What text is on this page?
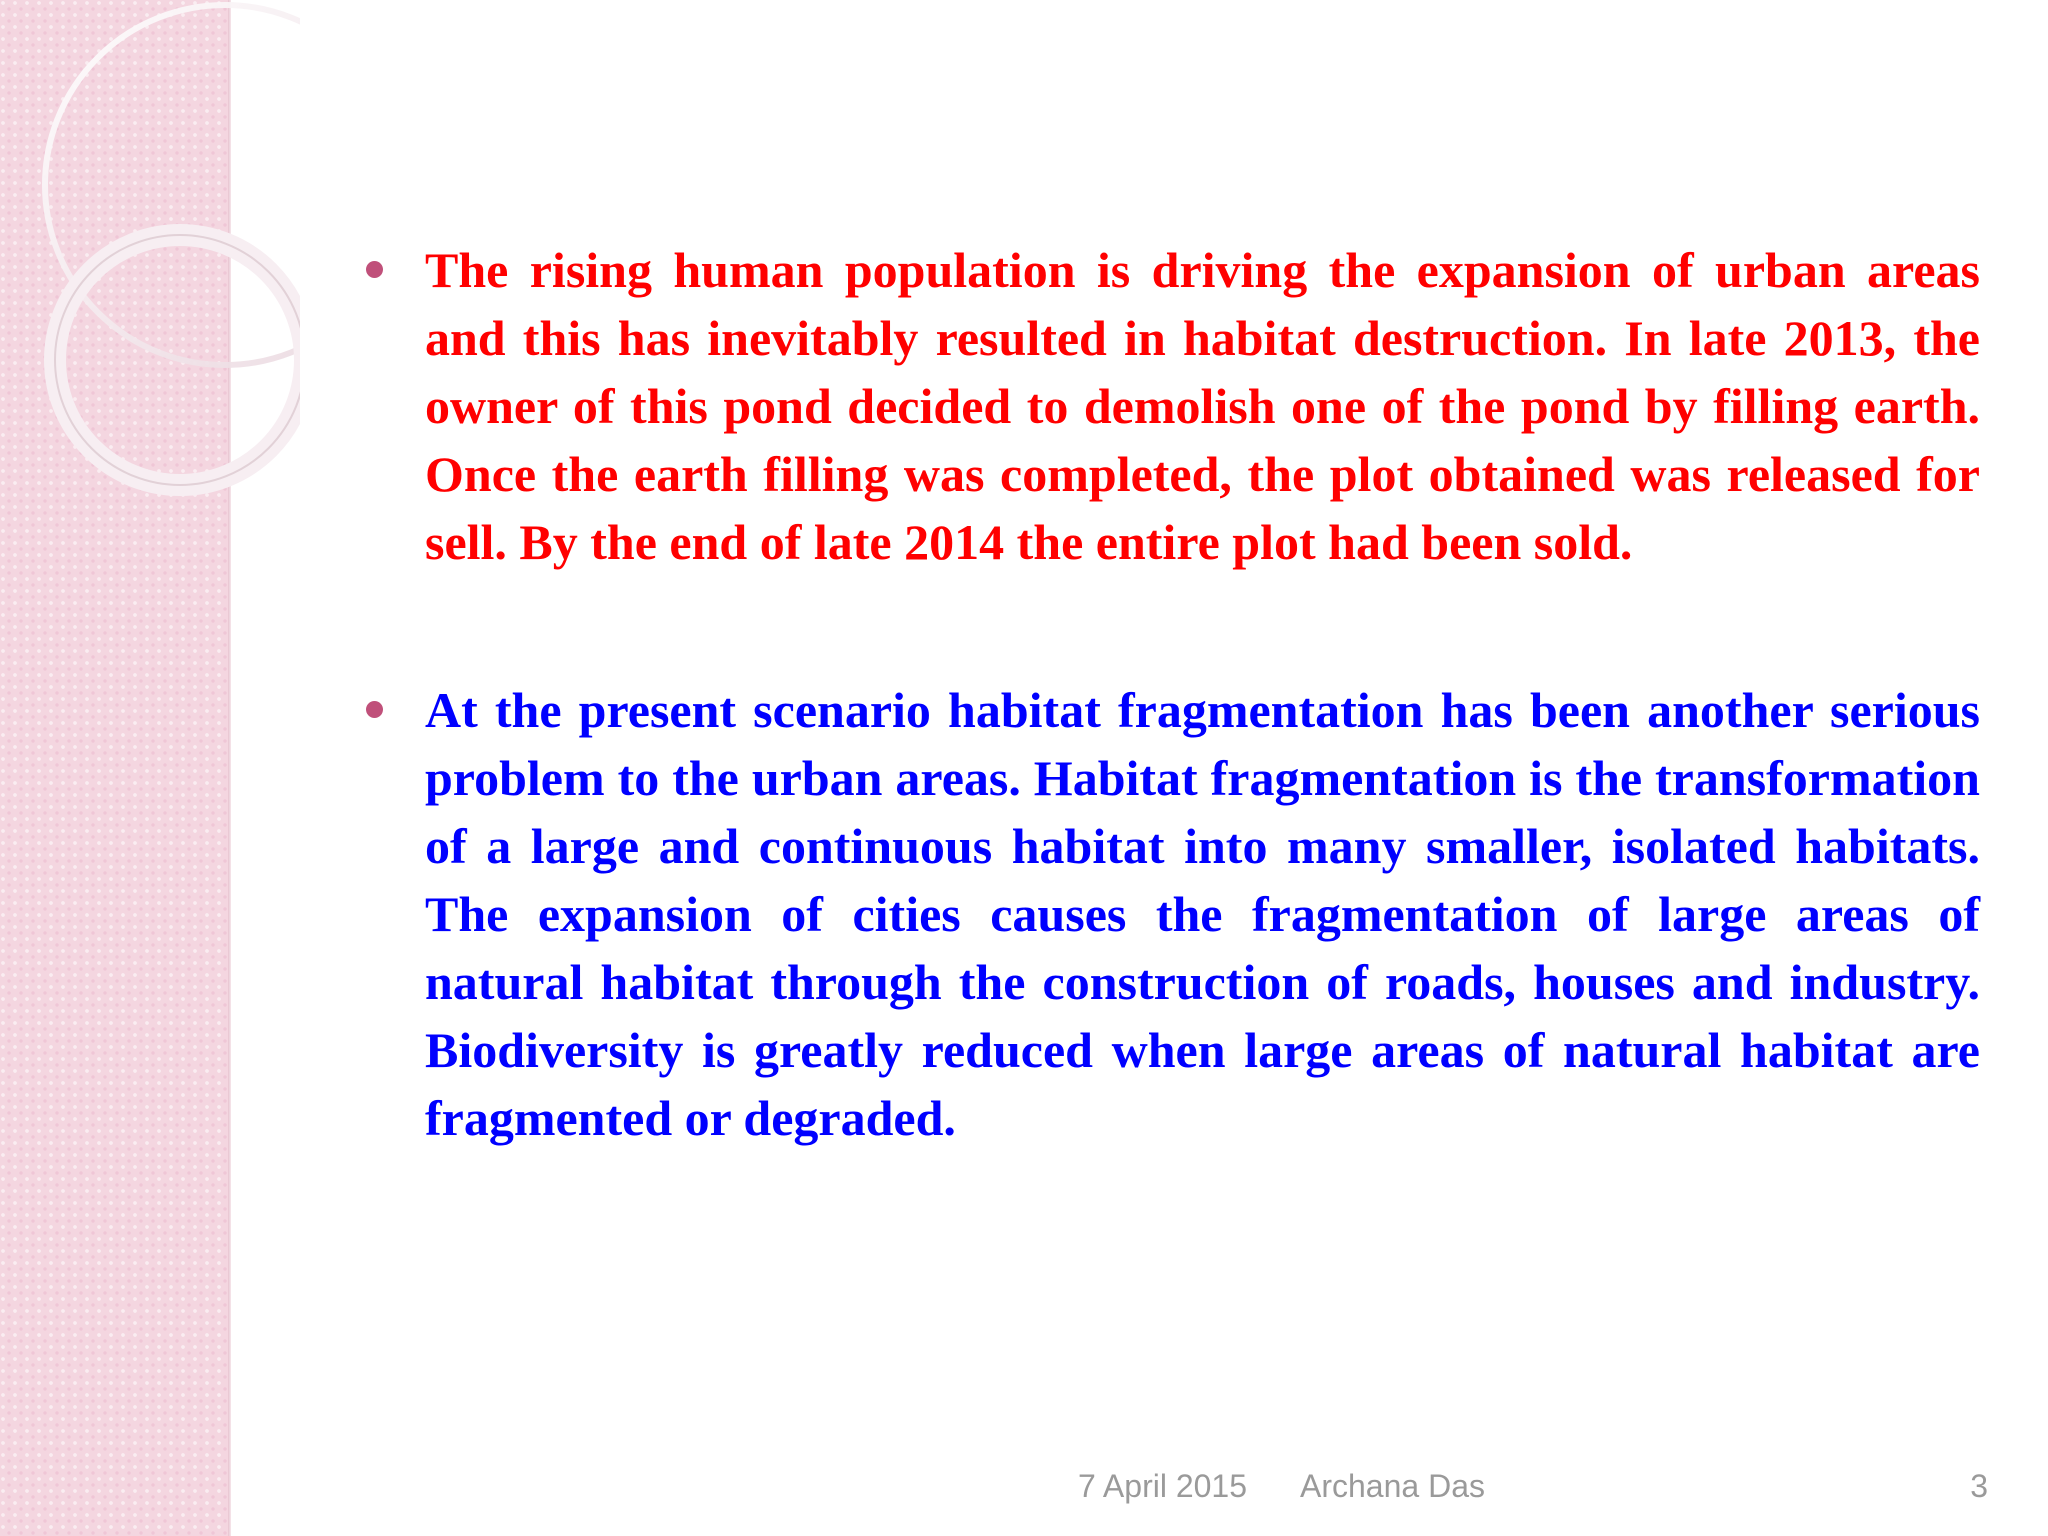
The rising human population is driving the expansion of urban areas and this has inevitably resulted in habitat destruction. In late 2013, the owner of this pond decided to demolish one of the pond by filling earth. Once the earth filling was completed, the plot obtained was released for sell. By the end of late 2014 the entire plot had been sold.
At the present scenario habitat fragmentation has been another serious problem to the urban areas. Habitat fragmentation is the transformation of a large and continuous habitat into many smaller, isolated habitats. The expansion of cities causes the fragmentation of large areas of natural habitat through the construction of roads, houses and industry. Biodiversity is greatly reduced when large areas of natural habitat are fragmented or degraded.
7 April 2015 Archana Das	3
